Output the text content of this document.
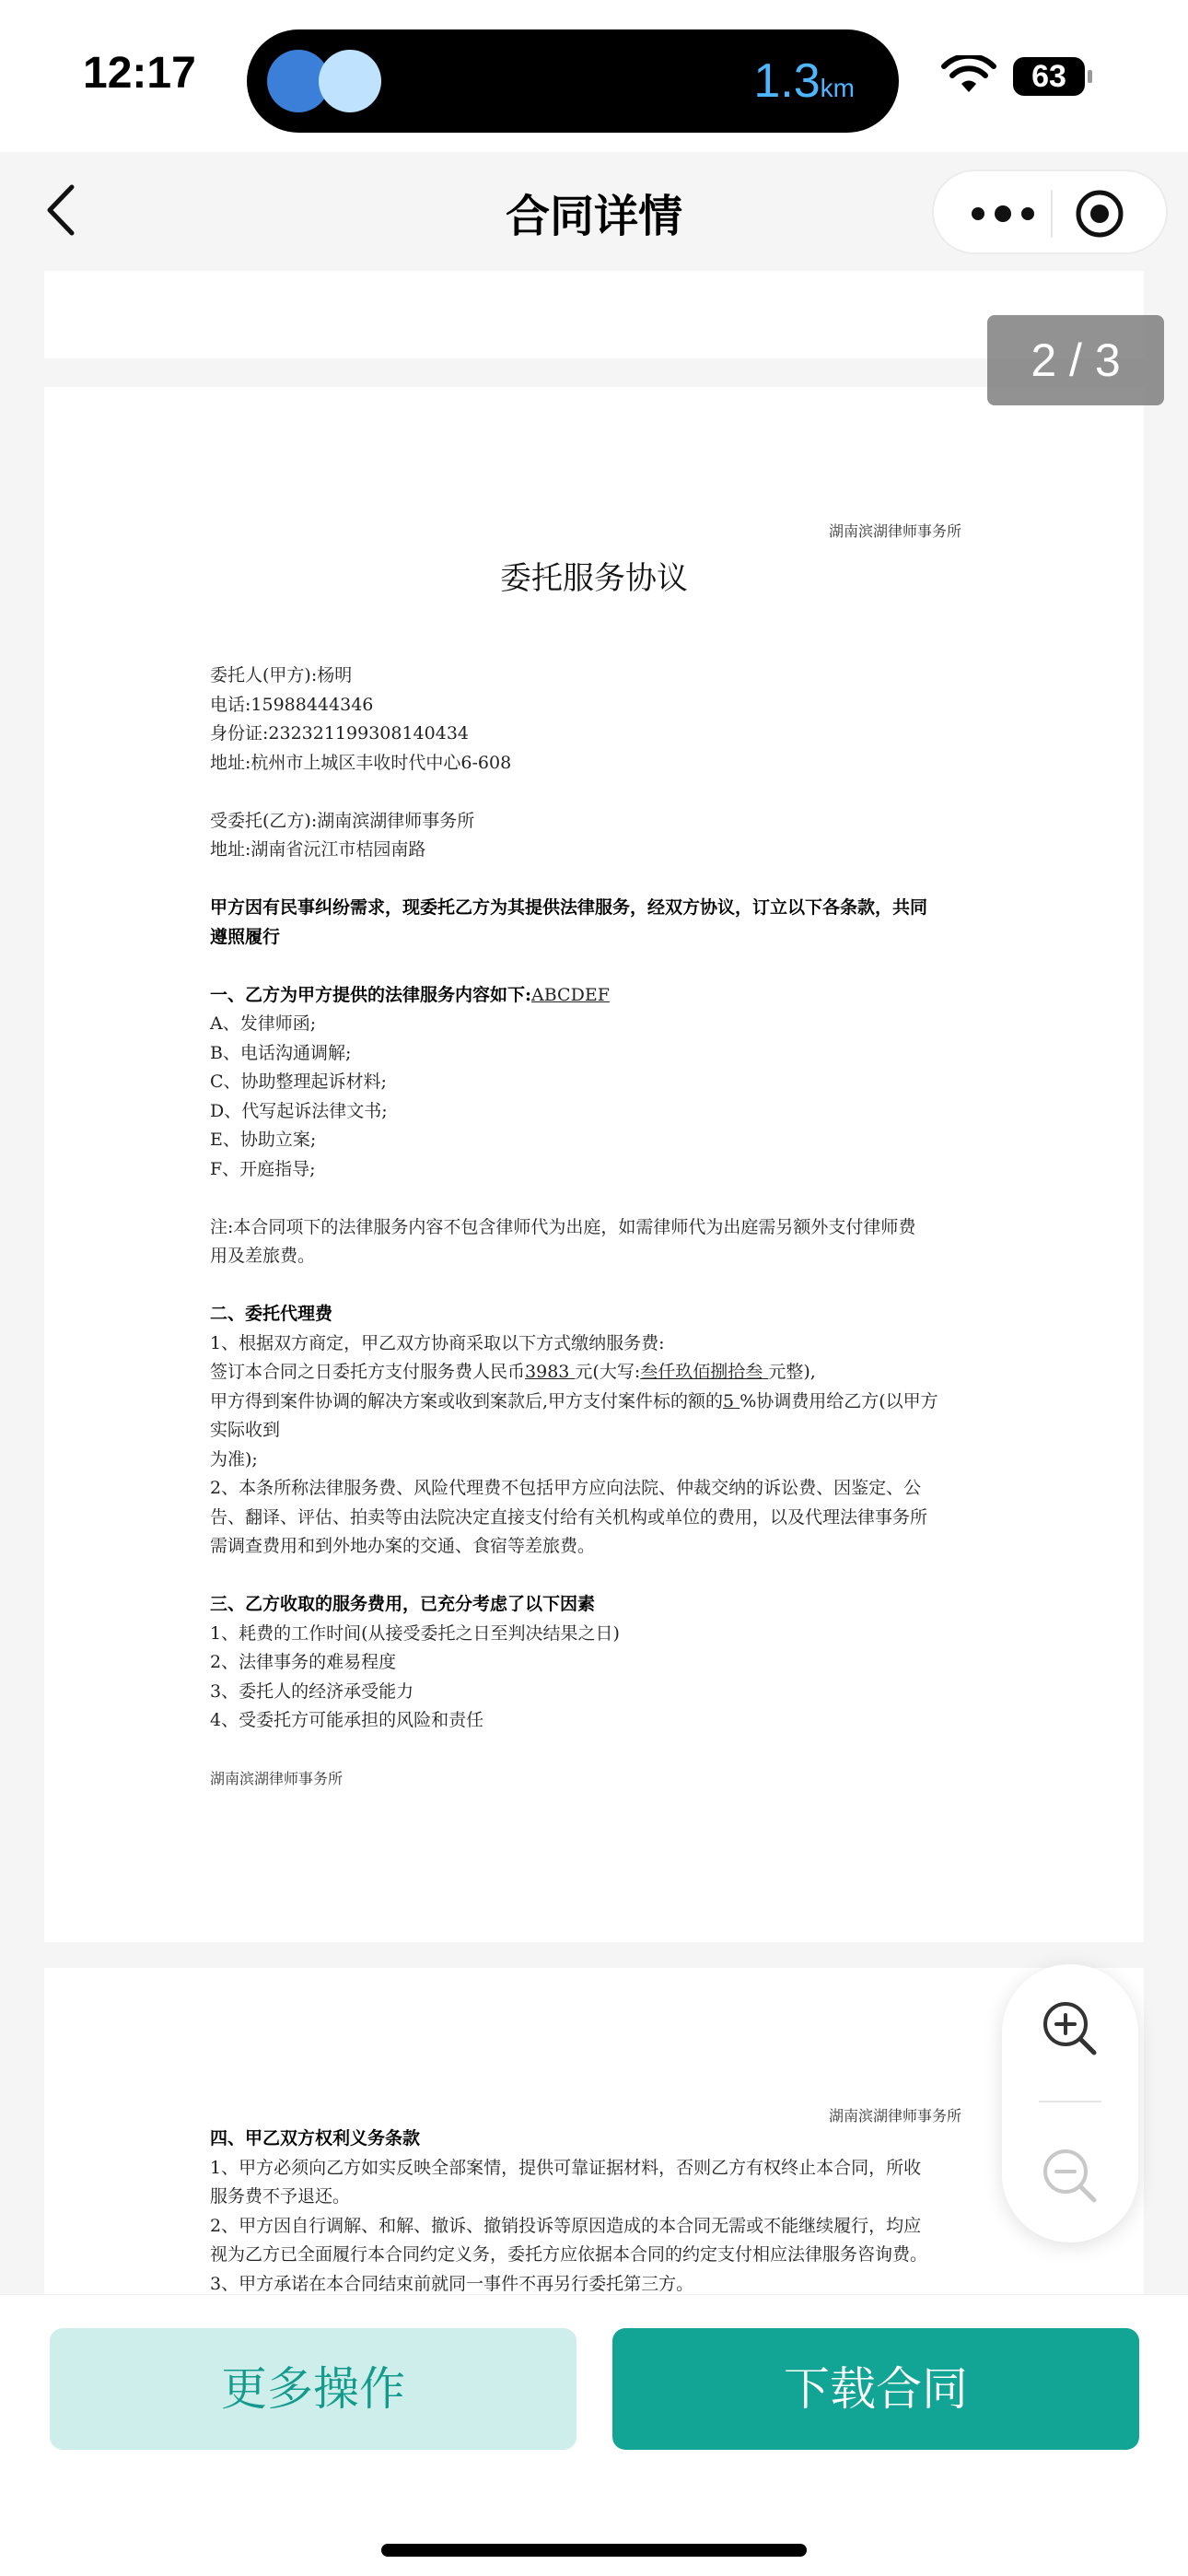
12:17	1.3km	63
合同详情
湖南滨湖律师事务所
委托服务协议
委托人(甲方):杨明
电话:15988444346
身份证:232321199308140434
地址:杭州市上城区丰收时代中心6-608
受委托(乙方):湖南滨湖律师事务所
地址:湖南省沅江市桔园南路
甲方因有民事纠纷需求，现委托乙方为其提供法律服务，经双方协议，订立以下各条款，共同
遵照履行
一、乙方为甲方提供的法律服务内容如下:ABCDEF
A、发律师函;
B、电话沟通调解;
C、协助整理起诉材料;
D、代写起诉法律文书;
E、协助立案;
F、开庭指导;
注:本合同项下的法律服务内容不包含律师代为出庭，如需律师代为出庭需另额外支付律师费
用及差旅费。
二、委托代理费
1、根据双方商定，甲乙双方协商采取以下方式缴纳服务费:
签订本合同之日委托方支付服务费人民币3983 元(大写:叁仟玖佰捌拾叁 元整),
甲方得到案件协调的解决方案或收到案款后,甲方支付案件标的额的5 %协调费用给乙方(以甲方
实际收到
为准);
2、本条所称法律服务费、风险代理费不包括甲方应向法院、仲裁交纳的诉讼费、因鉴定、公
告、翻译、评估、拍卖等由法院决定直接支付给有关机构或单位的费用，以及代理法律事务所
需调查费用和到外地办案的交通、食宿等差旅费。
三、乙方收取的服务费用，已充分考虑了以下因素
1、耗费的工作时间(从接受委托之日至判决结果之日)
2、法律事务的难易程度
3、委托人的经济承受能力
4、受委托方可能承担的风险和责任
湖南滨湖律师事务所
湖南滨湖律师事务所
四、甲乙双方权利义务条款
1、甲方必须向乙方如实反映全部案情，提供可靠证据材料，否则乙方有权终止本合同，所收
服务费不予退还。
2、甲方因自行调解、和解、撤诉、撤销投诉等原因造成的本合同无需或不能继续履行，均应
视为乙方已全面履行本合同约定义务，委托方应依据本合同的约定支付相应法律服务咨询费。
3、甲方承诺在本合同结束前就同一事件不再另行委托第三方。
2 / 3
更多操作	下载合同
